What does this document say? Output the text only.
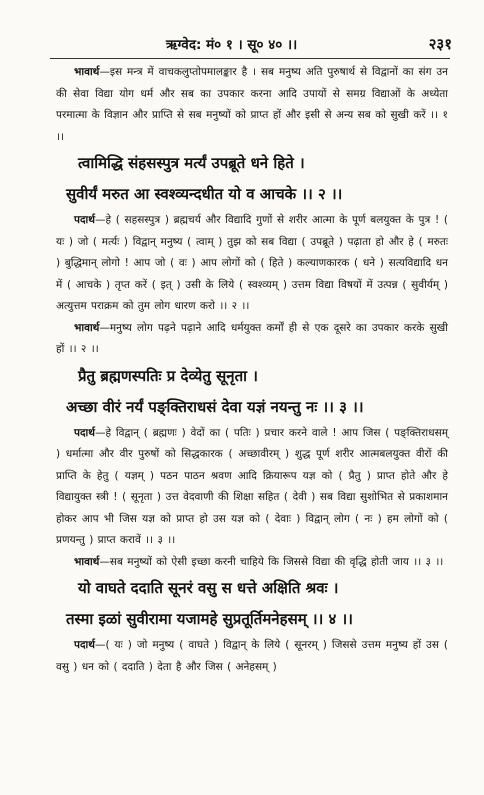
ऋग्वेद: मं० १ । सू० ४० ।।	२३१

भावार्थ—इस मन्त्र में वाचकलुप्तोपमालङ्कार है । सब मनुष्य अति पुरुषार्थ से विद्वानों का संग उन की सेवा विद्या योग धर्म और सब का उपकार करना आदि उपायों से समग्र विद्याओं के अध्येता परमात्मा के विज्ञान और प्राप्ति से सब मनुष्यों को प्राप्त हों और इसी से अन्य सब को सुखी करें ।। १ ।।

त्वामिद्धि संहसस्पुत्र मर्त्यं उपब्रूते धने हिते ।

सुवीर्यं मरुत आ स्वश्व्यन्दधीत यो व आचके ।। २ ।।

पदार्थ—हे ( सहसस्पुत्र ) ब्रह्मचर्य और विद्यादि गुणों से शरीर आत्मा के पूर्ण बलयुक्त के पुत्र ! ( यः ) जो ( मर्त्यः ) विद्वान् मनुष्य ( त्वाम् ) तुझ को सब विद्या ( उपब्रूते ) पढ़ाता हो और हे ( मरुतः ) बुद्धिमान् लोगो ! आप जो ( वः ) आप लोगों को ( हिते ) कल्याणकारक ( धने ) सत्यविद्यादि धन में ( आचके ) तृप्त करें ( इत् ) उसी के लिये ( स्वश्व्यम् ) उत्तम विद्या विषयों में उत्पन्न ( सुवीर्यम् ) अत्युत्तम पराक्रम को तुम लोग धारण करो ।। २ ।।

भावार्थ—मनुष्य लोग पढ़ने पढ़ाने आदि धर्मयुक्त कर्मों ही से एक दूसरे का उपकार करके सुखी हों ।। २ ।।

प्रैतु ब्रह्मणस्पतिः प्र देव्येतु सूनृता ।

अच्छा वीरं नर्यं पङ्क्तिराधसं देवा यज्ञं नयन्तु नः ।। ३ ।।

पदार्थ—हे विद्वान् ( ब्रह्मणः ) वेदों का ( पतिः ) प्रचार करने वाले ! आप जिस ( पङ्क्तिराधसम् ) धर्मात्मा और वीर पुरुषों को सिद्धकारक ( अच्छावीरम् ) शुद्ध पूर्ण शरीर आत्मबलयुक्त वीरों की प्राप्ति के हेतु ( यज्ञम् ) पठन पाठन श्रवण आदि क्रियारूप यज्ञ को ( प्रैतु ) प्राप्त होते और हे विद्यायुक्त स्त्री ! ( सूनृता ) उत्त वेदवाणी की शिक्षा सहित ( देवी ) सब विद्या सुशोभित से प्रकाशमान होकर आप भी जिस यज्ञ को प्राप्त हो उस यज्ञ को ( देवाः ) विद्वान् लोग ( नः ) हम लोगों को ( प्रणयन्तु ) प्राप्त करावें ।। ३ ।।

भावार्थ—सब मनुष्यों को ऐसी इच्छा करनी चाहिये कि जिससे विद्या की वृद्धि होती जाय ।। ३ ।।

यो वाघते ददाति सूनरं वसु स धत्ते अक्षिति श्रवः ।

तस्मा इळां सुवीरामा यजामहे सुप्रतूर्तिमनेहसम् ।। ४ ।।

पदार्थ—( यः ) जो मनुष्य ( वाघते ) विद्वान् के लिये ( सूनरम् ) जिससे उत्तम मनुष्य हों उस ( वसु ) धन को ( ददाति ) देता है और जिस ( अनेहसम् )
